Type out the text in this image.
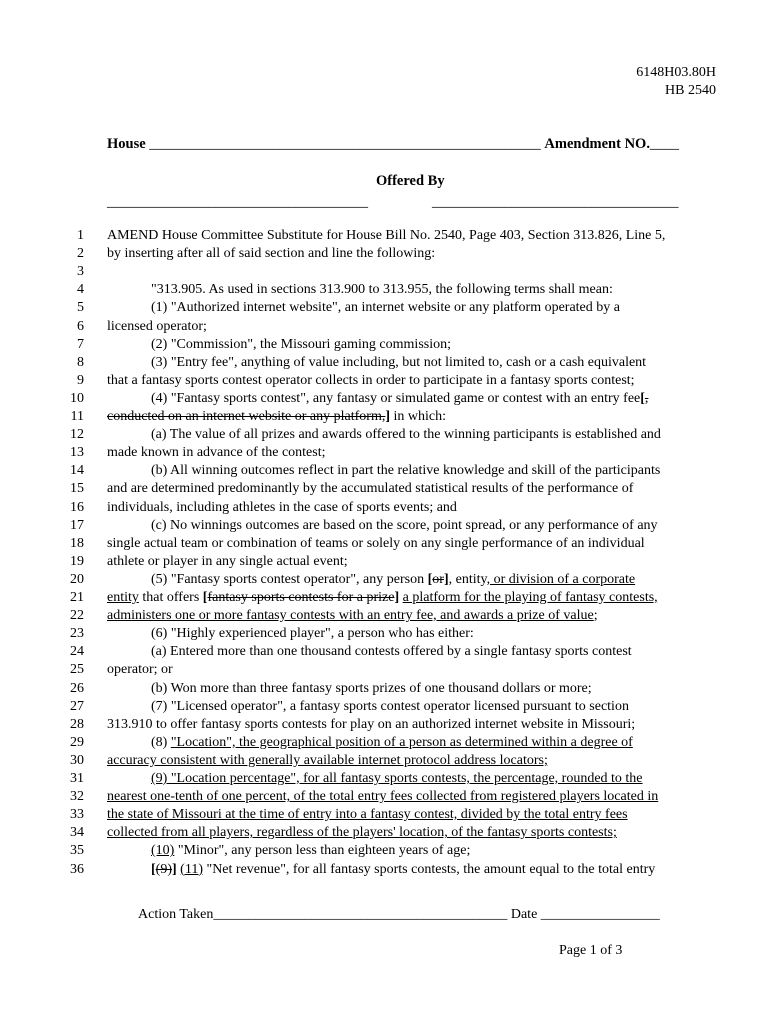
6148H03.80H
HB 2540
House ______________________________________________________ Amendment NO.____
Offered By
____________________________________	__________________________________
1 AMEND House Committee Substitute for House Bill No. 2540, Page 403, Section 313.826, Line 5,
2 by inserting after all of said section and line the following:
3
4	"313.905. As used in sections 313.900 to 313.955, the following terms shall mean:
5	(1) "Authorized internet website", an internet website or any platform operated by a
6 licensed operator;
7	(2) "Commission", the Missouri gaming commission;
8	(3) "Entry fee", anything of value including, but not limited to, cash or a cash equivalent
9 that a fantasy sports contest operator collects in order to participate in a fantasy sports contest;
10	(4) "Fantasy sports contest", any fantasy or simulated game or contest with an entry fee[,
11 conducted on an internet website or any platform,] in which:
12	(a) The value of all prizes and awards offered to the winning participants is established and
13 made known in advance of the contest;
14	(b) All winning outcomes reflect in part the relative knowledge and skill of the participants
15 and are determined predominantly by the accumulated statistical results of the performance of
16 individuals, including athletes in the case of sports events; and
17	(c) No winnings outcomes are based on the score, point spread, or any performance of any
18 single actual team or combination of teams or solely on any single performance of an individual
19 athlete or player in any single actual event;
20	(5) "Fantasy sports contest operator", any person [or], entity, or division of a corporate
21 entity that offers [fantasy sports contests for a prize] a platform for the playing of fantasy contests,
22 administers one or more fantasy contests with an entry fee, and awards a prize of value;
23	(6) "Highly experienced player", a person who has either:
24	(a) Entered more than one thousand contests offered by a single fantasy sports contest
25 operator; or
26	(b) Won more than three fantasy sports prizes of one thousand dollars or more;
27	(7) "Licensed operator", a fantasy sports contest operator licensed pursuant to section
28 313.910 to offer fantasy sports contests for play on an authorized internet website in Missouri;
29	(8) "Location", the geographical position of a person as determined within a degree of
30 accuracy consistent with generally available internet protocol address locators;
31	(9) "Location percentage", for all fantasy sports contests, the percentage, rounded to the
32 nearest one-tenth of one percent, of the total entry fees collected from registered players located in
33 the state of Missouri at the time of entry into a fantasy contest, divided by the total entry fees
34 collected from all players, regardless of the players' location, of the fantasy sports contests;
35	(10) "Minor", any person less than eighteen years of age;
36	[(9)] (11) "Net revenue", for all fantasy sports contests, the amount equal to the total entry
Action Taken__________________________________________ Date _________________
Page 1 of 3
